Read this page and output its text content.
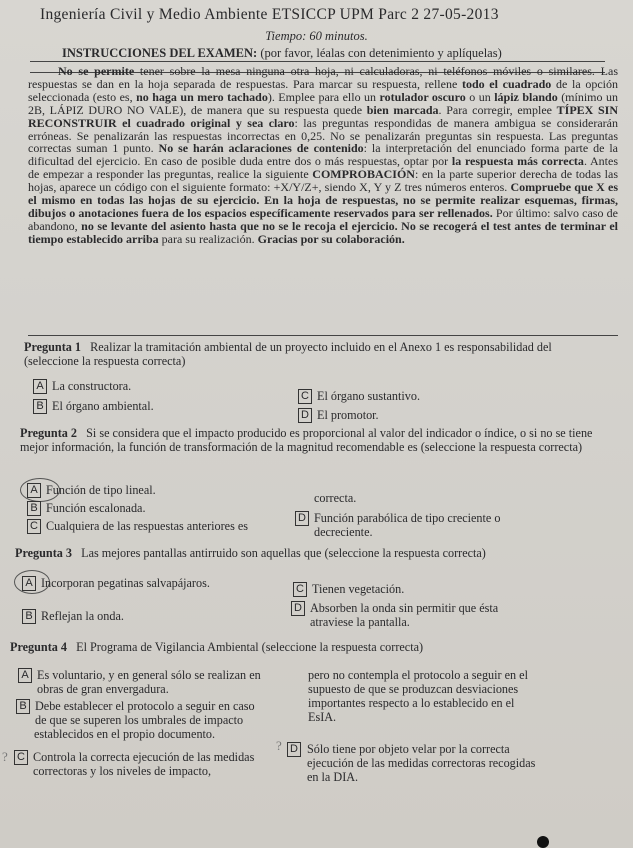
Ingeniería Civil y Medio Ambiente ETSICCP UPM Parc 2 27-05-2013
Tiempo: 60 minutos.
INSTRUCCIONES DEL EXAMEN: (por favor, léalas con detenimiento y aplíquelas)

No se permite tener sobre la mesa ninguna otra hoja, ni calculadoras, ni teléfonos móviles o similares. Las respuestas se dan en la hoja separada de respuestas. Para marcar su respuesta, rellene todo el cuadrado de la opción seleccionada (esto es, no haga un mero tachado). Emplee para ello un rotulador oscuro o un lápiz blando (mínimo un 2B, LÁPIZ DURO NO VALE), de manera que su respuesta quede bien marcada. Para corregir, emplee TÍPEX SIN RECONSTRUIR el cuadrado original y sea claro: las preguntas respondidas de manera ambigua se considerarán erróneas. Se penalizarán las respuestas incorrectas en 0,25. No se penalizarán preguntas sin respuesta. Las preguntas correctas suman 1 punto. No se harán aclaraciones de contenido: la interpretación del enunciado forma parte de la dificultad del ejercicio. En caso de posible duda entre dos o más respuestas, optar por la respuesta más correcta. Antes de empezar a responder las preguntas, realice la siguiente COMPROBACIÓN: en la parte superior derecha de todas las hojas, aparece un código con el siguiente formato: +X/Y/Z+, siendo X, Y y Z tres números enteros. Compruebe que X es el mismo en todas las hojas de su ejercicio. En la hoja de respuestas, no se permite realizar esquemas, firmas, dibujos o anotaciones fuera de los espacios específicamente reservados para ser rellenados. Por último: salvo caso de abandono, no se levante del asiento hasta que no se le recoja el ejercicio. No se recogerá el test antes de terminar el tiempo establecido arriba para su realización. Gracias por su colaboración.

Pregunta 1 Realizar la tramitación ambiental de un proyecto incluido en el Anexo 1 es responsabilidad del (seleccione la respuesta correcta)
A La constructora.
B El órgano ambiental.
C El órgano sustantivo.
D El promotor.
Pregunta 2 Si se considera que el impacto producido es proporcional al valor del indicador o índice, o si no se tiene mejor información, la función de transformación de la magnitud recomendable es (seleccione la respuesta correcta)
A Función de tipo lineal.
B Función escalonada.
C Cualquiera de las respuestas anteriores es
correcta.
D Función parabólica de tipo creciente o decreciente.
Pregunta 3 Las mejores pantallas antirruido son aquellas que (seleccione la respuesta correcta)
A Incorporan pegatinas salvapájaros.
B Reflejan la onda.
C Tienen vegetación.
D Absorben la onda sin permitir que ésta atraviese la pantalla.
Pregunta 4 El Programa de Vigilancia Ambiental (seleccione la respuesta correcta)
A Es voluntario, y en general sólo se realizan en obras de gran envergadura.
B Debe establecer el protocolo a seguir en caso de que se superen los umbrales de impacto establecidos en el propio documento.
? C Controla la correcta ejecución de las medidas correctoras y los niveles de impacto,
pero no contempla el protocolo a seguir en el supuesto de que se produzcan desviaciones importantes respecto a lo establecido en el EsIA.
? D Sólo tiene por objeto velar por la correcta ejecución de las medidas correctoras recogidas en la DIA.
